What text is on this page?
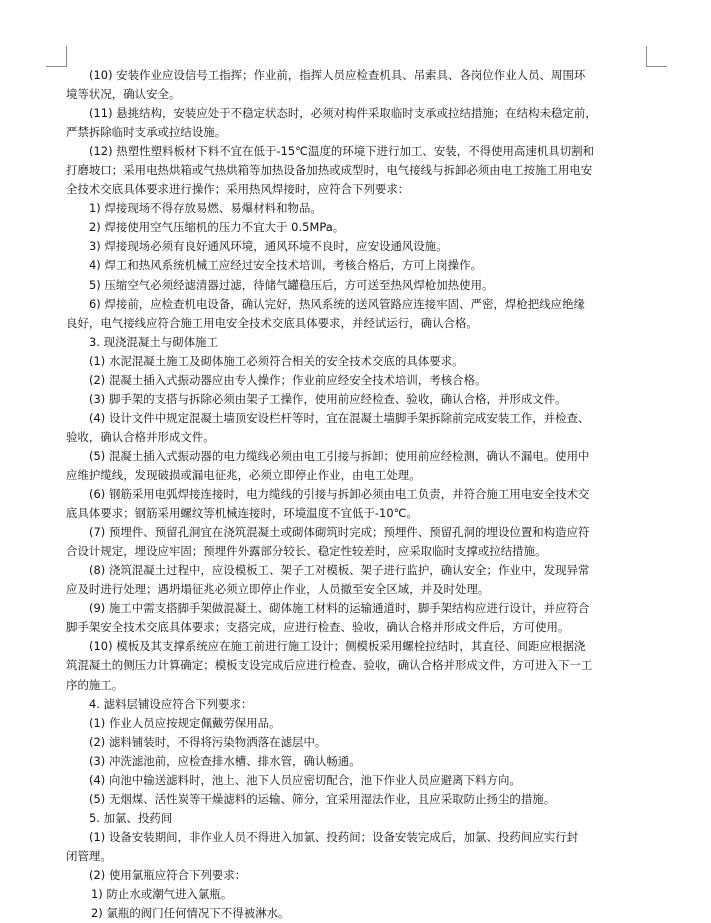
(10) 安装作业应设信号工指挥；作业前，指挥人员应检查机具、吊索具、各岗位作业人员、周围环
境等状况，确认安全。
(11) 悬挑结构，安装应处于不稳定状态时，必须对构件采取临时支承或拉结措施；在结构未稳定前，
严禁拆除临时支承或拉结设施。
(12) 热塑性塑料板材下料不宜在低于-15℃温度的环境下进行加工、安装，不得使用高速机具切割和
打磨坡口；采用电热烘箱或气热烘箱等加热设备加热或成型时，电气接线与拆卸必须由电工按施工用电安
全技术交底具体要求进行操作；采用热风焊接时，应符合下列要求：
1) 焊接现场不得存放易燃、易爆材料和物品。
2) 焊接使用空气压缩机的压力不宜大于 0.5MPa。
3) 焊接现场必须有良好通风环境，通风环境不良时，应安设通风设施。
4) 焊工和热风系统机械工应经过安全技术培训，考核合格后，方可上岗操作。
5) 压缩空气必须经滤清器过滤，待储气罐稳压后，方可送至热风焊枪加热使用。
6) 焊接前，应检查机电设备，确认完好，热风系统的送风管路应连接牢固、严密，焊枪把线应绝缘
良好，电气接线应符合施工用电安全技术交底具体要求，并经试运行，确认合格。
3. 现浇混凝土与砌体施工
(1) 水泥混凝土施工及砌体施工必须符合相关的安全技术交底的具体要求。
(2) 混凝土插入式振动器应由专人操作；作业前应经安全技术培训，考核合格。
(3) 脚手架的支搭与拆除必须由架子工操作，使用前应经检查、验收，确认合格，并形成文件。
(4) 设计文件中规定混凝土墙顶安设栏杆等时，宜在混凝土墙脚手架拆除前完成安装工作，并检查、
验收，确认合格并形成文件。
(5) 混凝土插入式振动器的电力缆线必须由电工引接与拆卸；使用前应经检测，确认不漏电。使用中
应维护缆线，发现破损或漏电征兆，必须立即停止作业，由电工处理。
(6) 钢筋采用电弧焊接连接时，电力缆线的引接与拆卸必须由电工负责，并符合施工用电安全技术交
底具体要求；钢筋采用螺纹等机械连接时，环境温度不宜低于-10℃。
(7) 预埋件、预留孔洞宜在浇筑混凝土或砌体砌筑时完成；预埋件、预留孔洞的埋设位置和构造应符
合设计规定，埋设应牢固；预埋件外露部分较长、稳定性较差时，应采取临时支撑或拉结措施。
(8) 浇筑混凝土过程中，应设模板工、架子工对模板、架子进行监护，确认安全；作业中，发现异常
应及时进行处理；遇坍塌征兆必须立即停止作业，人员撤至安全区域，并及时处理。
(9) 施工中需支搭脚手架做混凝土、砌体施工材料的运输通道时，脚手架结构应进行设计，并应符合
脚手架安全技术交底具体要求；支搭完成，应进行检查、验收，确认合格并形成文件后，方可使用。
(10) 模板及其支撑系统应在施工前进行施工设计；侧模板采用螺栓拉结时，其直径、间距应根据浇
筑混凝土的侧压力计算确定；模板支设完成后应进行检查、验收，确认合格并形成文件，方可进入下一工
序的施工。
4. 滤料层铺设应符合下列要求：
(1) 作业人员应按规定佩戴劳保用品。
(2) 滤料铺装时，不得将污染物洒落在滤层中。
(3) 冲洗滤池前，应检查排水槽、排水管，确认畅通。
(4) 向池中输送滤料时，池上、池下人员应密切配合，池下作业人员应避离下料方向。
(5) 无烟煤、活性炭等干燥滤料的运输、筛分，宜采用湿法作业，且应采取防止扬尘的措施。
5. 加氯、投药间
(1) 设备安装期间，非作业人员不得进入加氯、投药间；设备安装完成后，加氯、投药间应实行封
闭管理。
(2) 使用氯瓶应符合下列要求：
1) 防止水或潮气进入氯瓶。
2) 氯瓶的阀门任何情况下不得被淋水。
